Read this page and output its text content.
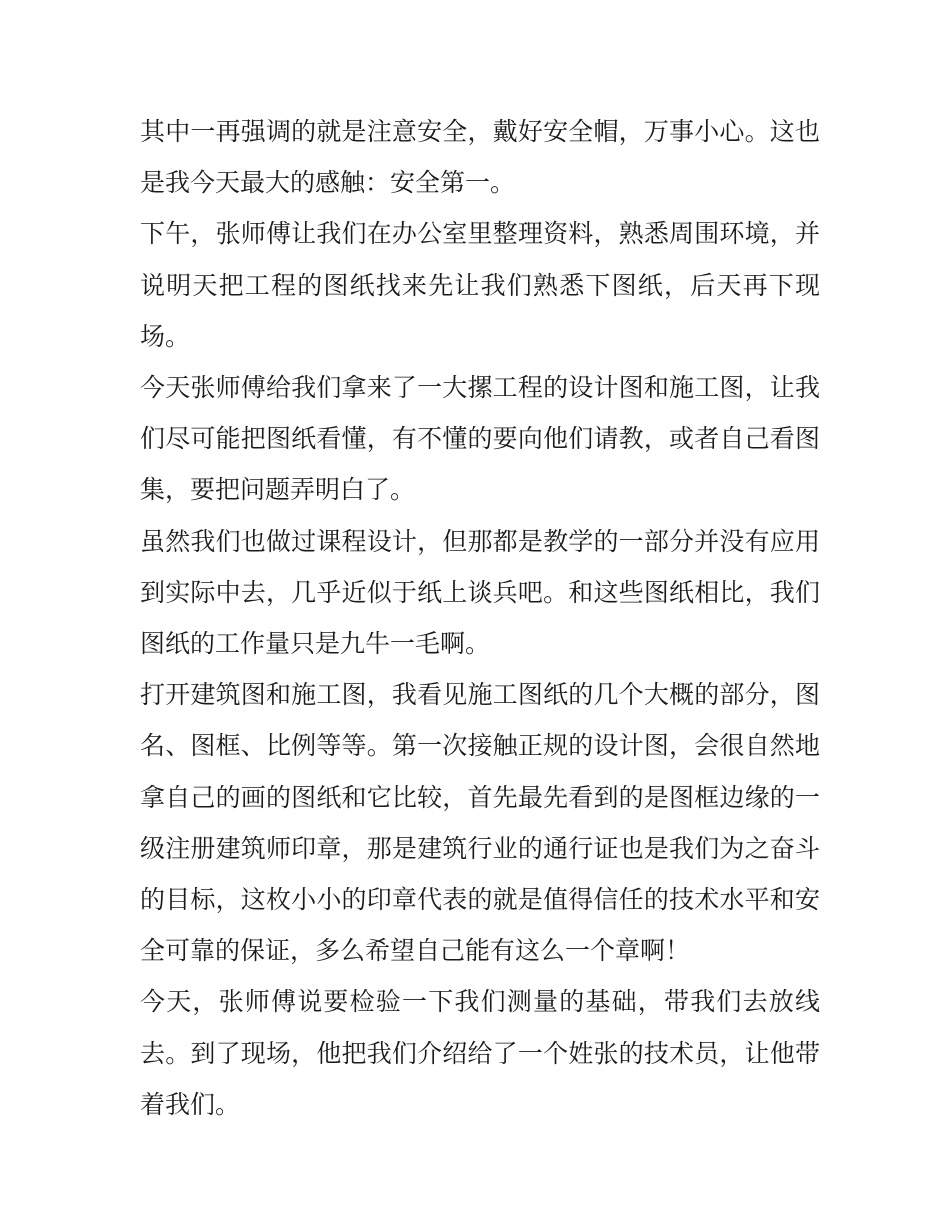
其中一再强调的就是注意安全，戴好安全帽，万事小心。这也是我今天最大的感触：安全第一。

下午，张师傅让我们在办公室里整理资料，熟悉周围环境，并说明天把工程的图纸找来先让我们熟悉下图纸，后天再下现场。

今天张师傅给我们拿来了一大摞工程的设计图和施工图，让我们尽可能把图纸看懂，有不懂的要向他们请教，或者自己看图集，要把问题弄明白了。

虽然我们也做过课程设计，但那都是教学的一部分并没有应用到实际中去，几乎近似于纸上谈兵吧。和这些图纸相比，我们图纸的工作量只是九牛一毛啊。

打开建筑图和施工图，我看见施工图纸的几个大概的部分，图名、图框、比例等等。第一次接触正规的设计图，会很自然地拿自己的画的图纸和它比较，首先最先看到的是图框边缘的一级注册建筑师印章，那是建筑行业的通行证也是我们为之奋斗的目标，这枚小小的印章代表的就是值得信任的技术水平和安全可靠的保证，多么希望自己能有这么一个章啊！

今天，张师傅说要检验一下我们测量的基础，带我们去放线去。到了现场，他把我们介绍给了一个姓张的技术员，让他带着我们。
